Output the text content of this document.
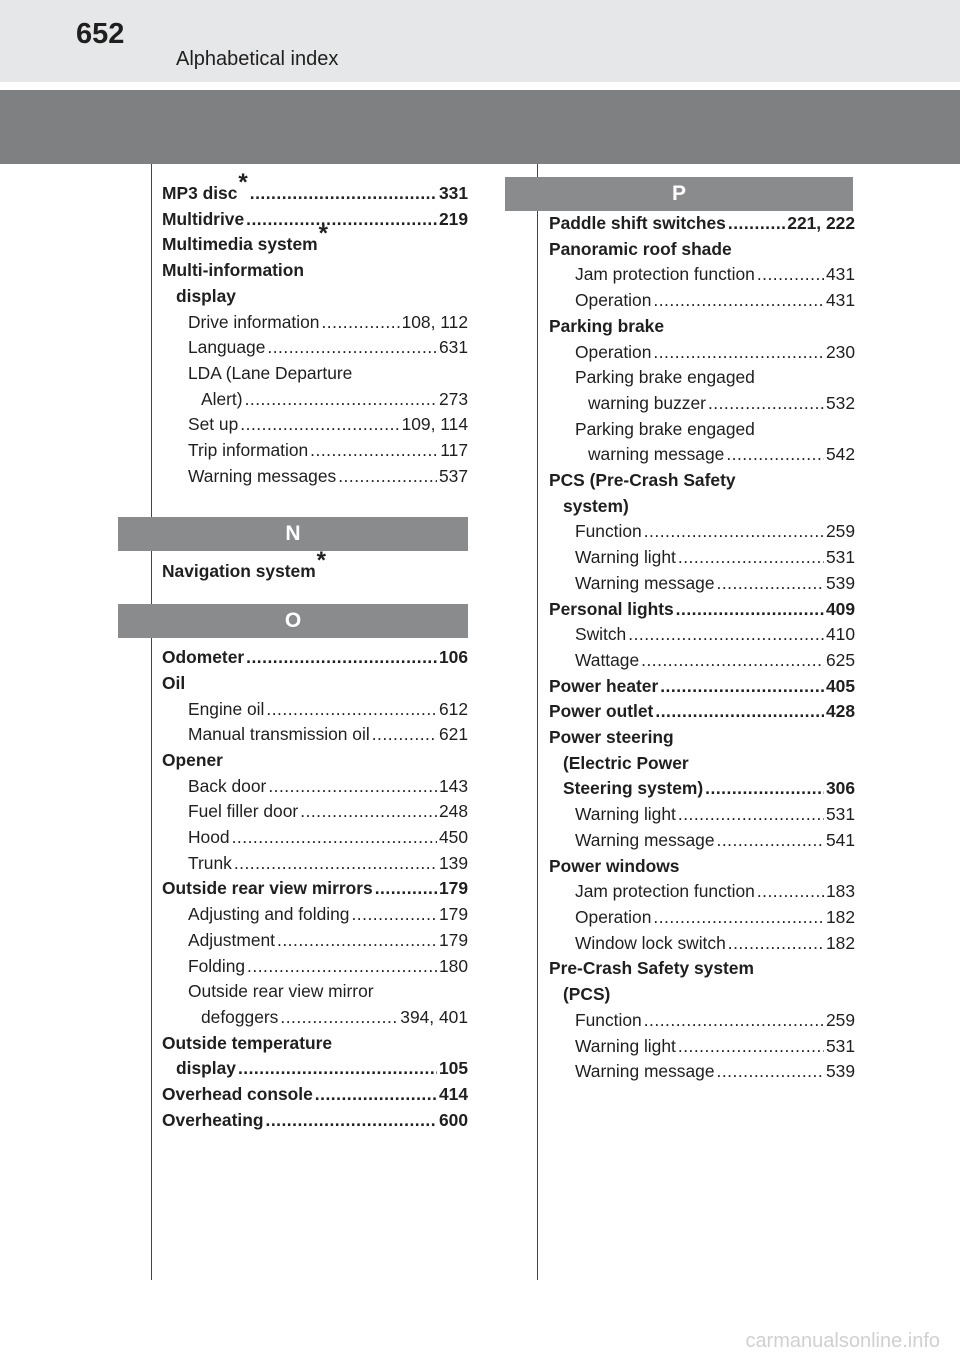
652
Alphabetical index
N
O
P
MP3 disc * .....	331
Multidrive .....	219
Multimedia system *
Multi-information
display
Drive information .....	108, 112
Language .....	631
LDA (Lane Departure
Alert) .....	273
Set up .....	109, 114
Trip information .....	117
Warning messages .....	537
Navigation system *
Odometer .....	106
Oil
Engine oil .....	612
Manual transmission oil .....	621
Opener
Back door .....	143
Fuel filler door .....	248
Hood .....	450
Trunk .....	139
Outside rear view mirrors .....	179
Adjusting and folding .....	179
Adjustment .....	179
Folding .....	180
Outside rear view mirror
defoggers .....	394, 401
Outside temperature
display .....	105
Overhead console .....	414
Overheating .....	600
Paddle shift switches .....	221, 222
Panoramic roof shade
Jam protection function .....	431
Operation .....	431
Parking brake
Operation .....	230
Parking brake engaged
warning buzzer .....	532
Parking brake engaged
warning message .....	542
PCS (Pre-Crash Safety
system)
Function .....	259
Warning light .....	531
Warning message .....	539
Personal lights .....	409
Switch .....	410
Wattage .....	625
Power heater .....	405
Power outlet .....	428
Power steering
(Electric Power
Steering system) .....	306
Warning light .....	531
Warning message .....	541
Power windows
Jam protection function .....	183
Operation .....	182
Window lock switch .....	182
Pre-Crash Safety system
(PCS)
Function .....	259
Warning light .....	531
Warning message .....	539
carmanualsonline.info
